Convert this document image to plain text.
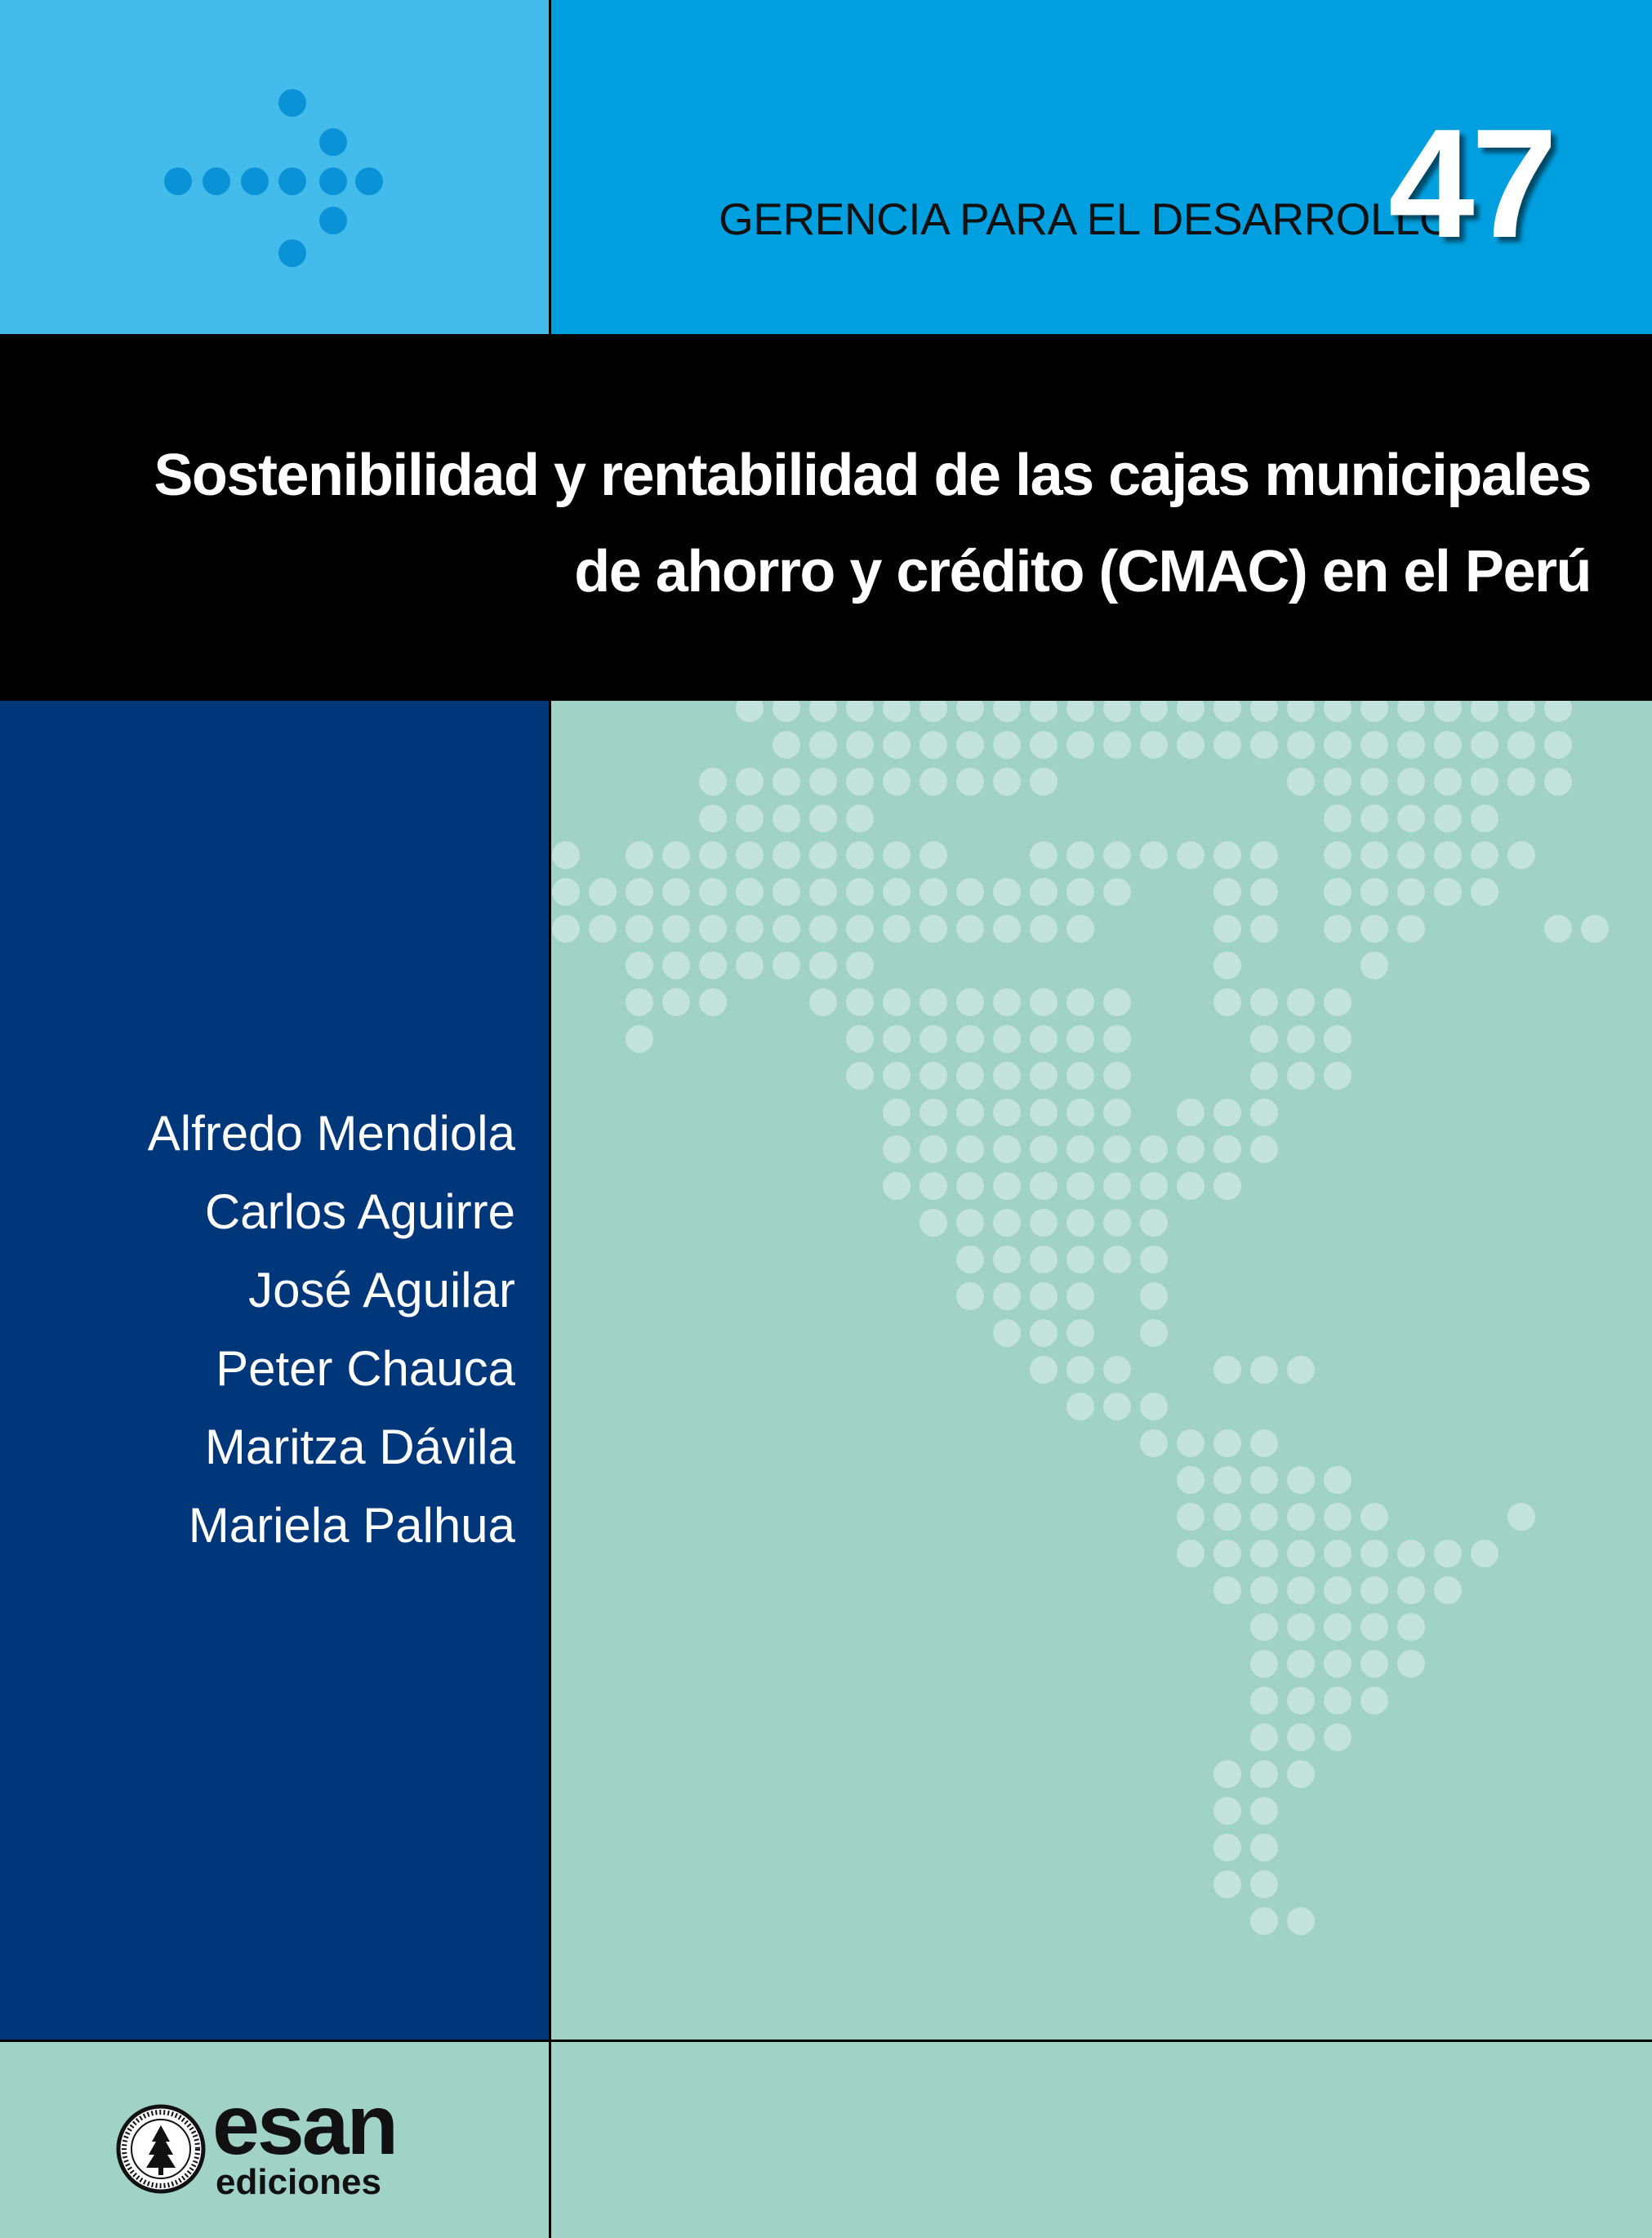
GERENCIA PARA EL DESARROLLO
47
Sostenibilidad y rentabilidad de las cajas municipales
de ahorro y crédito (CMAC) en el Perú
Alfredo Mendiola
Carlos Aguirre
José Aguilar
Peter Chauca
Maritza Dávila
Mariela Palhua
esan
ediciones
